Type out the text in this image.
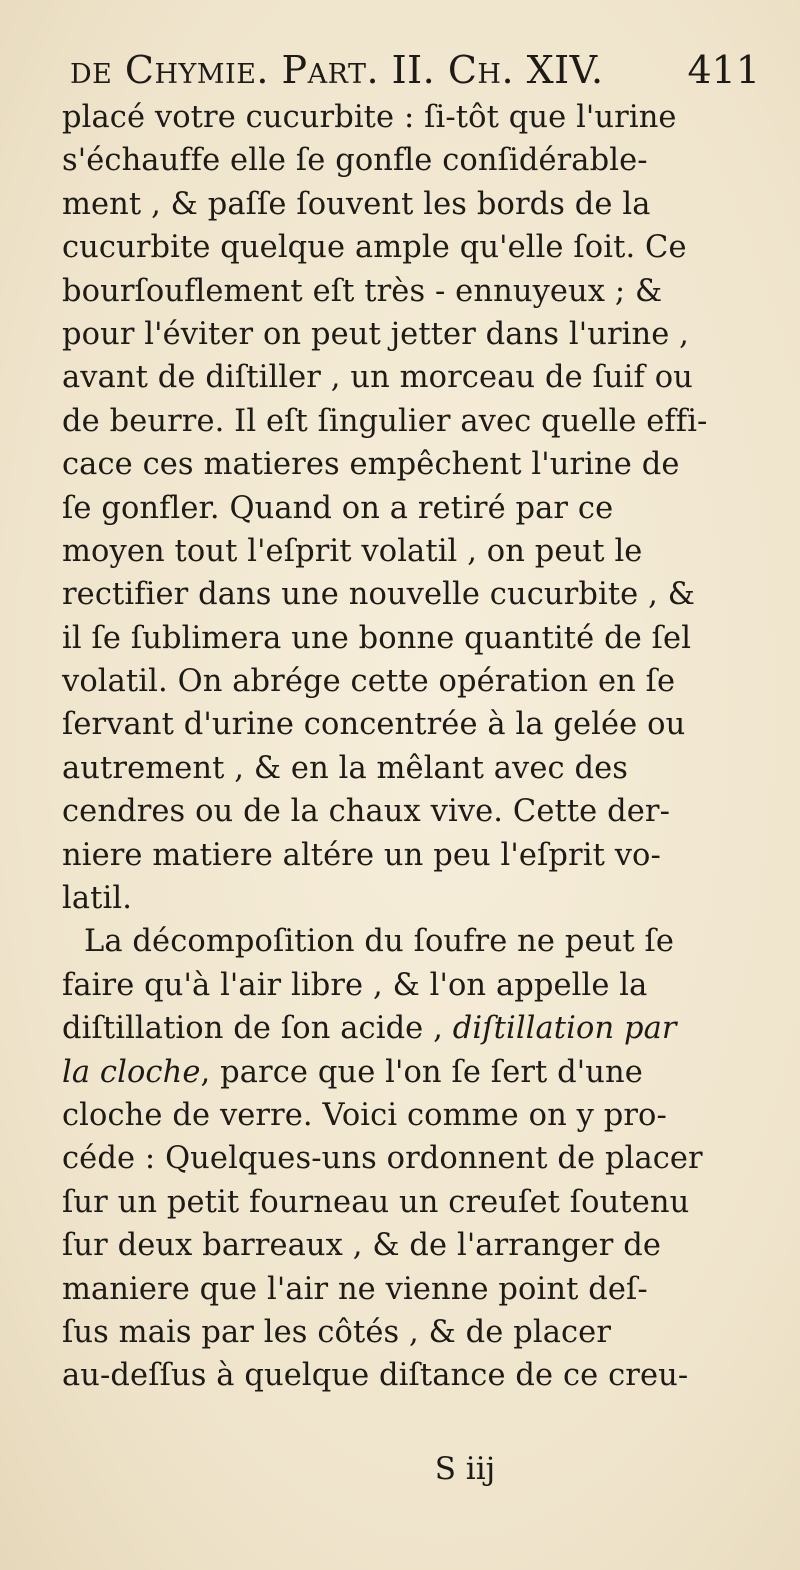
de Chymie. Part. II. Ch. XIV. 411
placé votre cucurbite : ſi-tôt que l'urine
s'échauffe elle ſe gonfle conſidérable-
ment , & paſſe ſouvent les bords de la
cucurbite quelque ample qu'elle ſoit. Ce
bourſouflement eſt très - ennuyeux ; &
pour l'éviter on peut jetter dans l'urine ,
avant de diſtiller , un morceau de ſuif ou
de beurre. Il eſt ſingulier avec quelle effi-
cace ces matieres empêchent l'urine de
ſe gonfler. Quand on a retiré par ce
moyen tout l'eſprit volatil , on peut le
rectifier dans une nouvelle cucurbite , &
il ſe ſublimera une bonne quantité de ſel
volatil. On abrége cette opération en ſe
ſervant d'urine concentrée à la gelée ou
autrement , & en la mêlant avec des
cendres ou de la chaux vive. Cette der-
niere matiere altére un peu l'eſprit vo-
latil.
La décompoſition du ſoufre ne peut ſe
faire qu'à l'air libre , & l'on appelle la
diſtillation de ſon acide , diſtillation par
la cloche, parce que l'on ſe ſert d'une
cloche de verre. Voici comme on y pro-
céde : Quelques-uns ordonnent de placer
ſur un petit fourneau un creuſet ſoutenu
ſur deux barreaux , & de l'arranger de
maniere que l'air ne vienne point deſ-
ſus mais par les côtés , & de placer
au-deſſus à quelque diſtance de ce creu-
S iij
